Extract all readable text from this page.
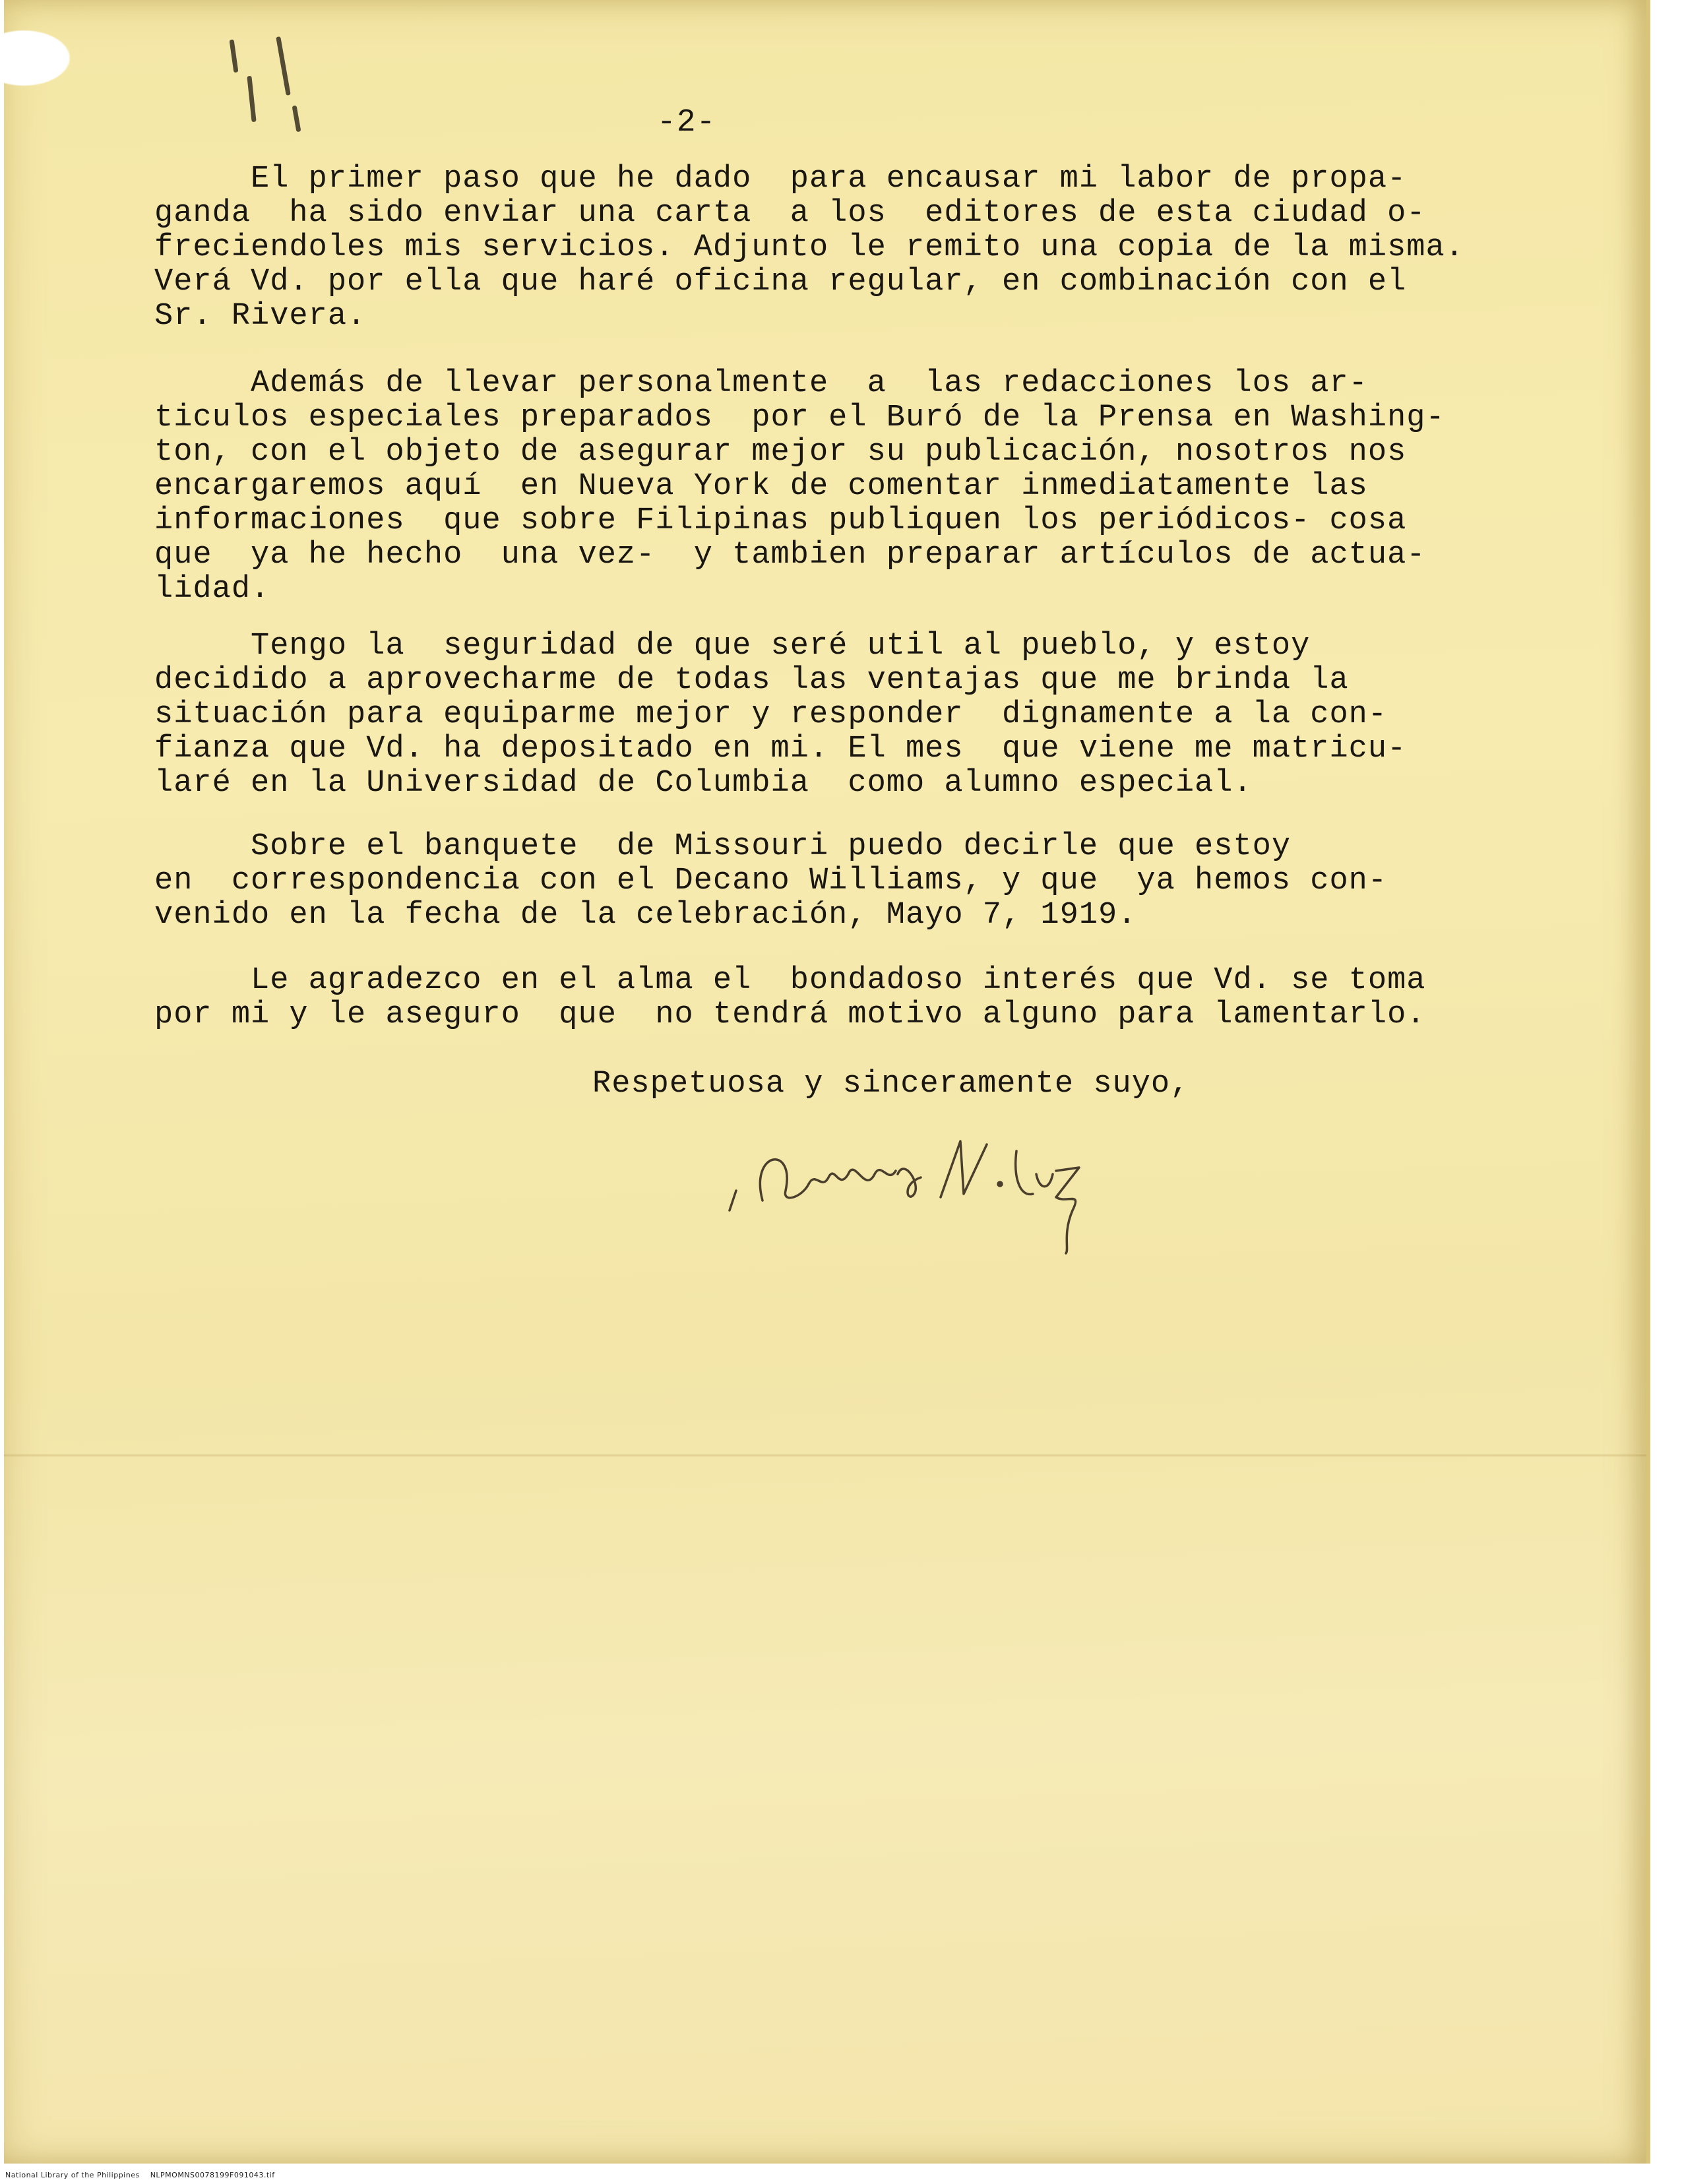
-2-
El primer paso que he dado  para encausar mi labor de propa-
ganda  ha sido enviar una carta  a los  editores de esta ciudad o-
freciendoles mis servicios. Adjunto le remito una copia de la misma.
Verá Vd. por ella que haré oficina regular, en combinación con el
Sr. Rivera.
Además de llevar personalmente  a  las redacciones los ar-
ticulos especiales preparados  por el Buró de la Prensa en Washing-
ton, con el objeto de asegurar mejor su publicación, nosotros nos
encargaremos aquí  en Nueva York de comentar inmediatamente las
informaciones  que sobre Filipinas publiquen los periódicos- cosa
que  ya he hecho  una vez-  y tambien preparar artículos de actua-
lidad.
Tengo la  seguridad de que seré util al pueblo, y estoy
decidido a aprovecharme de todas las ventajas que me brinda la
situación para equiparme mejor y responder  dignamente a la con-
fianza que Vd. ha depositado en mi. El mes  que viene me matricu-
laré en la Universidad de Columbia  como alumno especial.
Sobre el banquete  de Missouri puedo decirle que estoy
en  correspondencia con el Decano Williams, y que  ya hemos con-
venido en la fecha de la celebración, Mayo 7, 1919.
Le agradezco en el alma el  bondadoso interés que Vd. se toma
por mi y le aseguro  que  no tendrá motivo alguno para lamentarlo.
Respetuosa y sinceramente suyo,
National Library of the Philippines    NLPMOMNS0078199F091043.tif
